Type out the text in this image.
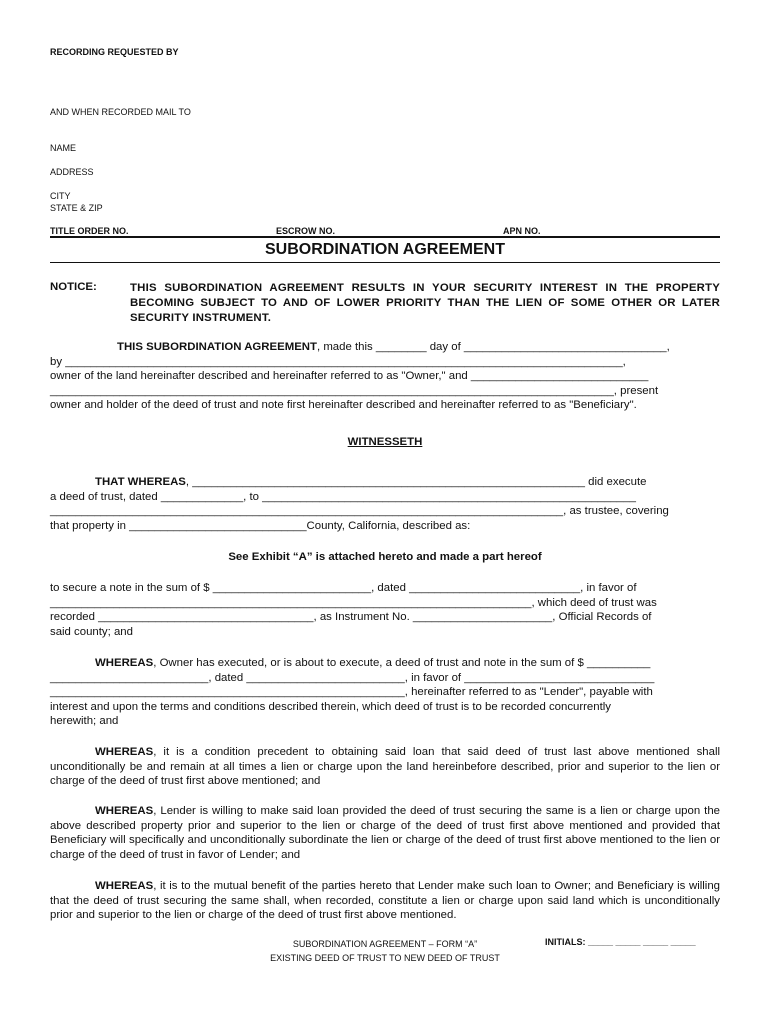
RECORDING REQUESTED BY
AND WHEN RECORDED MAIL TO
NAME
ADDRESS
CITY
STATE & ZIP
TITLE ORDER NO.	ESCROW NO.	APN NO.
SUBORDINATION AGREEMENT
NOTICE:	THIS SUBORDINATION AGREEMENT RESULTS IN YOUR SECURITY INTEREST IN THE PROPERTY BECOMING SUBJECT TO AND OF LOWER PRIORITY THAN THE LIEN OF SOME OTHER OR LATER SECURITY INSTRUMENT.
THIS SUBORDINATION AGREEMENT, made this ________ day of ________________________________,
by ________________________________________________________________________________________,
owner of the land hereinafter described and hereinafter referred to as "Owner," and ____________________________
_________________________________________________________________________________________, present
owner and holder of the deed of trust and note first hereinafter described and hereinafter referred to as "Beneficiary".
WITNESSETH
THAT WHEREAS, ______________________________________________________________ did execute
a deed of trust, dated _____________, to ___________________________________________________________
_________________________________________________________________________________, as trustee, covering
that property in ____________________________County, California, described as:
See Exhibit “A” is attached hereto and made a part hereof
to secure a note in the sum of $ _________________________, dated ___________________________, in favor of
____________________________________________________________________________, which deed of trust was
recorded __________________________________, as Instrument No. ______________________, Official Records of
said county; and
WHEREAS, Owner has executed, or is about to execute, a deed of trust and note in the sum of $ __________
_________________________, dated _________________________, in favor of ______________________________
________________________________________________________, hereinafter referred to as "Lender", payable with
interest and upon the terms and conditions described therein, which deed of trust is to be recorded concurrently
herewith; and
WHEREAS, it is a condition precedent to obtaining said loan that said deed of trust last above mentioned shall unconditionally be and remain at all times a lien or charge upon the land hereinbefore described, prior and superior to the lien or charge of the deed of trust first above mentioned; and
WHEREAS, Lender is willing to make said loan provided the deed of trust securing the same is a lien or charge upon the above described property prior and superior to the lien or charge of the deed of trust first above mentioned and provided that Beneficiary will specifically and unconditionally subordinate the lien or charge of the deed of trust first above mentioned to the lien or charge of the deed of trust in favor of Lender; and
WHEREAS, it is to the mutual benefit of the parties hereto that Lender make such loan to Owner; and Beneficiary is willing that the deed of trust securing the same shall, when recorded, constitute a lien or charge upon said land which is unconditionally prior and superior to the lien or charge of the deed of trust first above mentioned.
SUBORDINATION AGREEMENT – FORM “A”
EXISTING DEED OF TRUST TO NEW DEED OF TRUST
INITIALS: _____ _____ _____ _____
